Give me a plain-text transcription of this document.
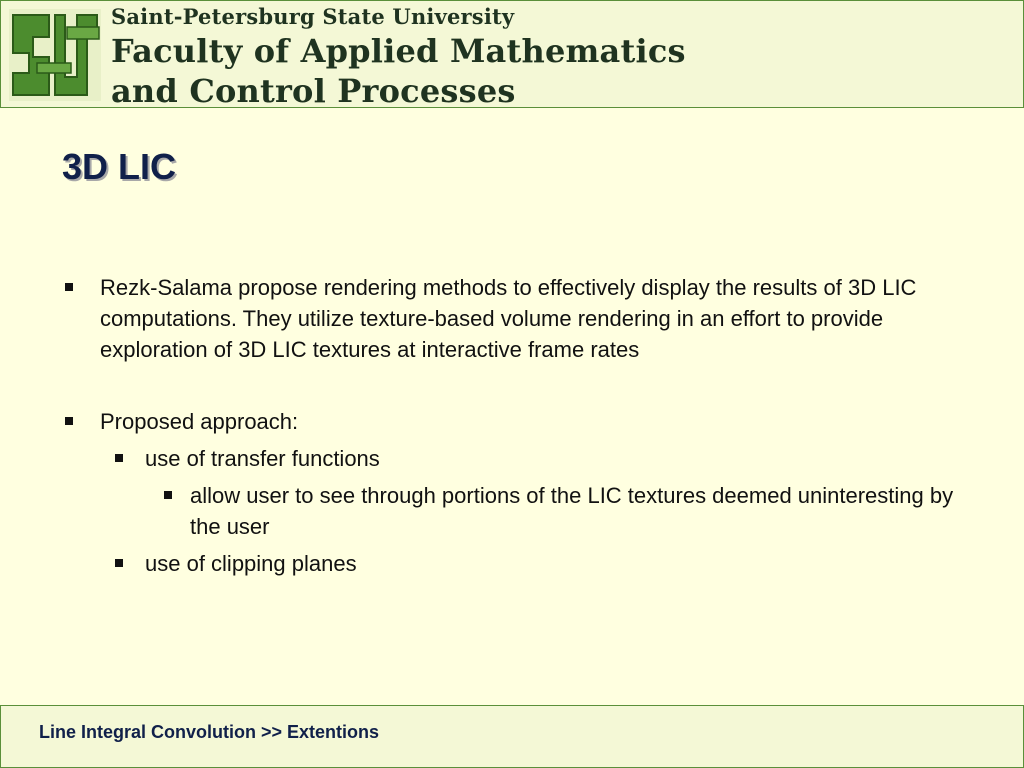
Saint-Petersburg State University
Faculty of Applied Mathematics
and Control Processes
3D LIC

Rezk-Salama propose rendering methods to effectively display the results of 3D LIC computations. They utilize texture-based volume rendering in an effort to provide exploration of 3D LIC textures at interactive frame rates

Proposed approach:

use of transfer functions

allow user to see through portions of the LIC textures deemed uninteresting by the user

use of clipping planes

Line Integral Convolution >> Extentions
